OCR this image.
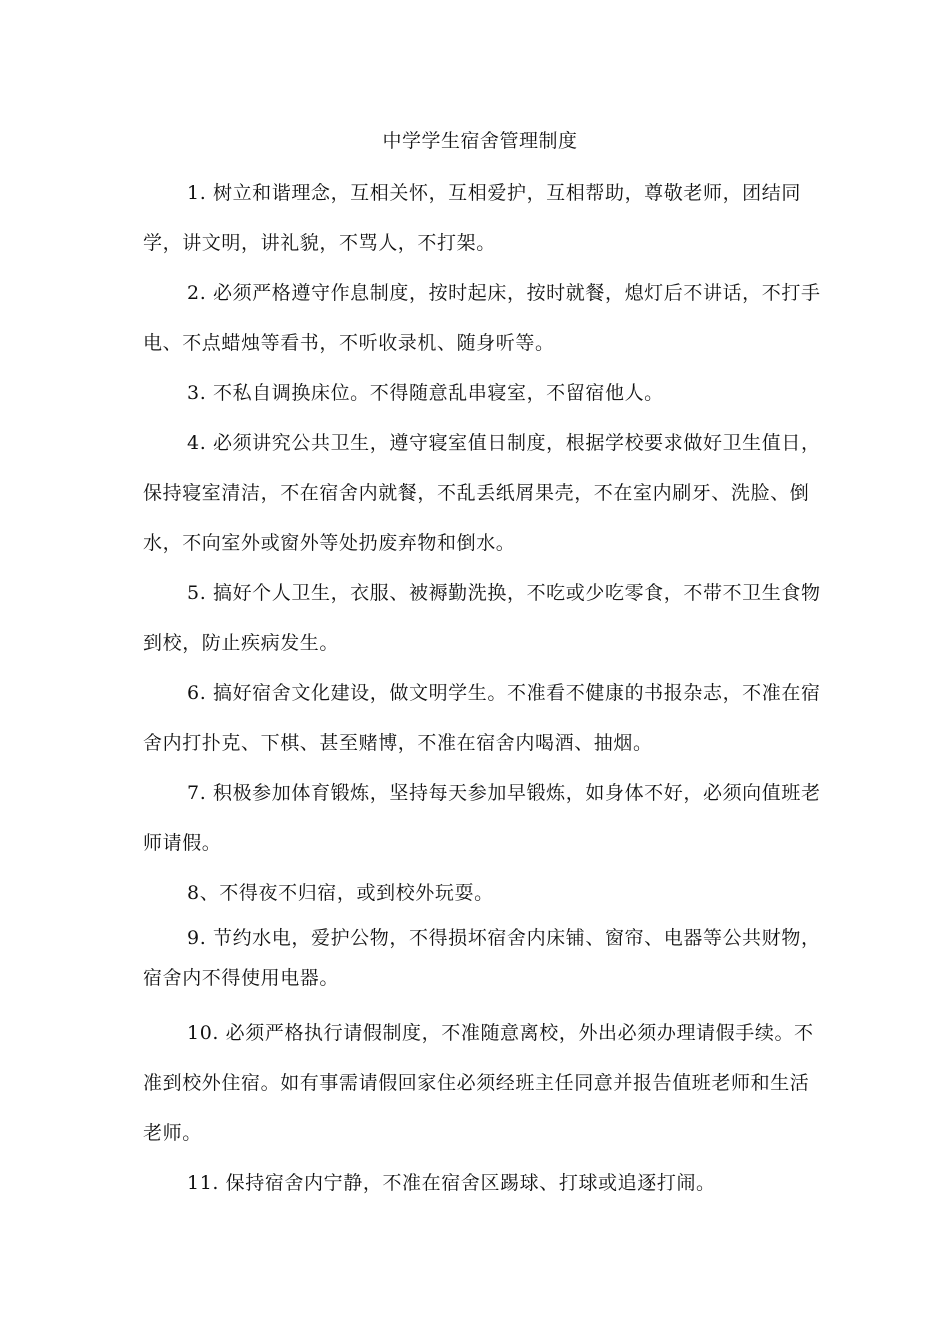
中学学生宿舍管理制度

1. 树立和谐理念，互相关怀，互相爱护，互相帮助，尊敬老师，团结同学，讲文明，讲礼貌，不骂人，不打架。

2. 必须严格遵守作息制度，按时起床，按时就餐，熄灯后不讲话，不打手电、不点蜡烛等看书，不听收录机、随身听等。

3. 不私自调换床位。不得随意乱串寝室，不留宿他人。

4. 必须讲究公共卫生，遵守寝室值日制度，根据学校要求做好卫生值日，保持寝室清洁，不在宿舍内就餐，不乱丢纸屑果壳，不在室内刷牙、洗脸、倒水，不向室外或窗外等处扔废弃物和倒水。

5. 搞好个人卫生，衣服、被褥勤洗换，不吃或少吃零食，不带不卫生食物到校，防止疾病发生。

6. 搞好宿舍文化建设，做文明学生。不准看不健康的书报杂志，不准在宿舍内打扑克、下棋、甚至赌博，不准在宿舍内喝酒、抽烟。

7. 积极参加体育锻炼，坚持每天参加早锻炼，如身体不好，必须向值班老师请假。

8、不得夜不归宿，或到校外玩耍。

9. 节约水电，爱护公物，不得损坏宿舍内床铺、窗帘、电器等公共财物，宿舍内不得使用电器。

10. 必须严格执行请假制度，不准随意离校，外出必须办理请假手续。不准到校外住宿。如有事需请假回家住必须经班主任同意并报告值班老师和生活老师。

11. 保持宿舍内宁静，不准在宿舍区踢球、打球或追逐打闹。
